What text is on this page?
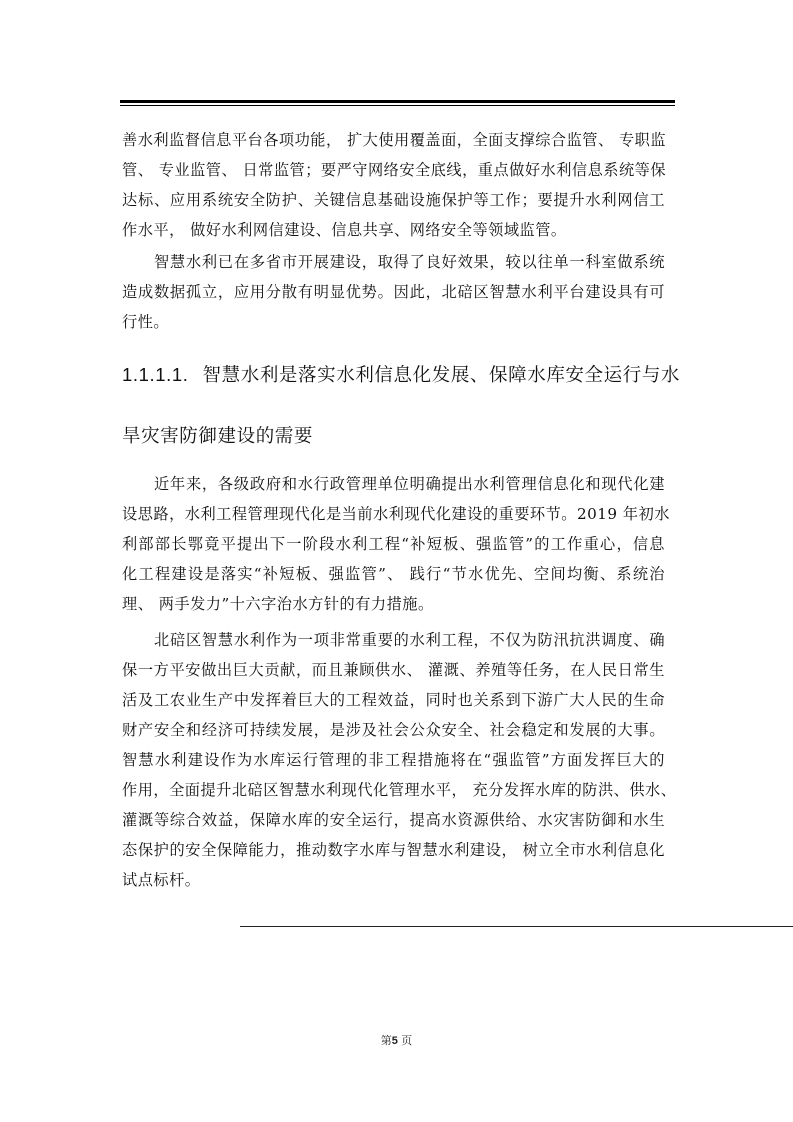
善水利监督信息平台各项功能， 扩大使用覆盖面，全面支撑综合监管、 专职监
管、 专业监管、 日常监管；要严守网络安全底线，重点做好水利信息系统等保
达标、应用系统安全防护、关键信息基础设施保护等工作；要提升水利网信工
作水平， 做好水利网信建设、信息共享、网络安全等领域监管。
智慧水利已在多省市开展建设，取得了良好效果，较以往单一科室做系统
造成数据孤立，应用分散有明显优势。因此，北碚区智慧水利平台建设具有可
行性。
1.1.1.1. 智慧水利是落实水利信息化发展、保障水库安全运行与水
旱灾害防御建设的需要
近年来，各级政府和水行政管理单位明确提出水利管理信息化和现代化建
设思路，水利工程管理现代化是当前水利现代化建设的重要环节。2019 年初水
利部部长鄂竟平提出下一阶段水利工程“补短板、强监管”的工作重心，信息
化工程建设是落实“补短板、强监管”、 践行“节水优先、空间均衡、系统治
理、 两手发力”十六字治水方针的有力措施。
北碚区智慧水利作为一项非常重要的水利工程，不仅为防汛抗洪调度、确
保一方平安做出巨大贡献，而且兼顾供水、 灌溉、养殖等任务，在人民日常生
活及工农业生产中发挥着巨大的工程效益，同时也关系到下游广大人民的生命
财产安全和经济可持续发展，是涉及社会公众安全、社会稳定和发展的大事。
智慧水利建设作为水库运行管理的非工程措施将在“强监管”方面发挥巨大的
作用，全面提升北碚区智慧水利现代化管理水平， 充分发挥水库的防洪、供水、
灌溉等综合效益，保障水库的安全运行，提高水资源供给、水灾害防御和水生
态保护的安全保障能力，推动数字水库与智慧水利建设， 树立全市水利信息化
试点标杆。
第5 页
